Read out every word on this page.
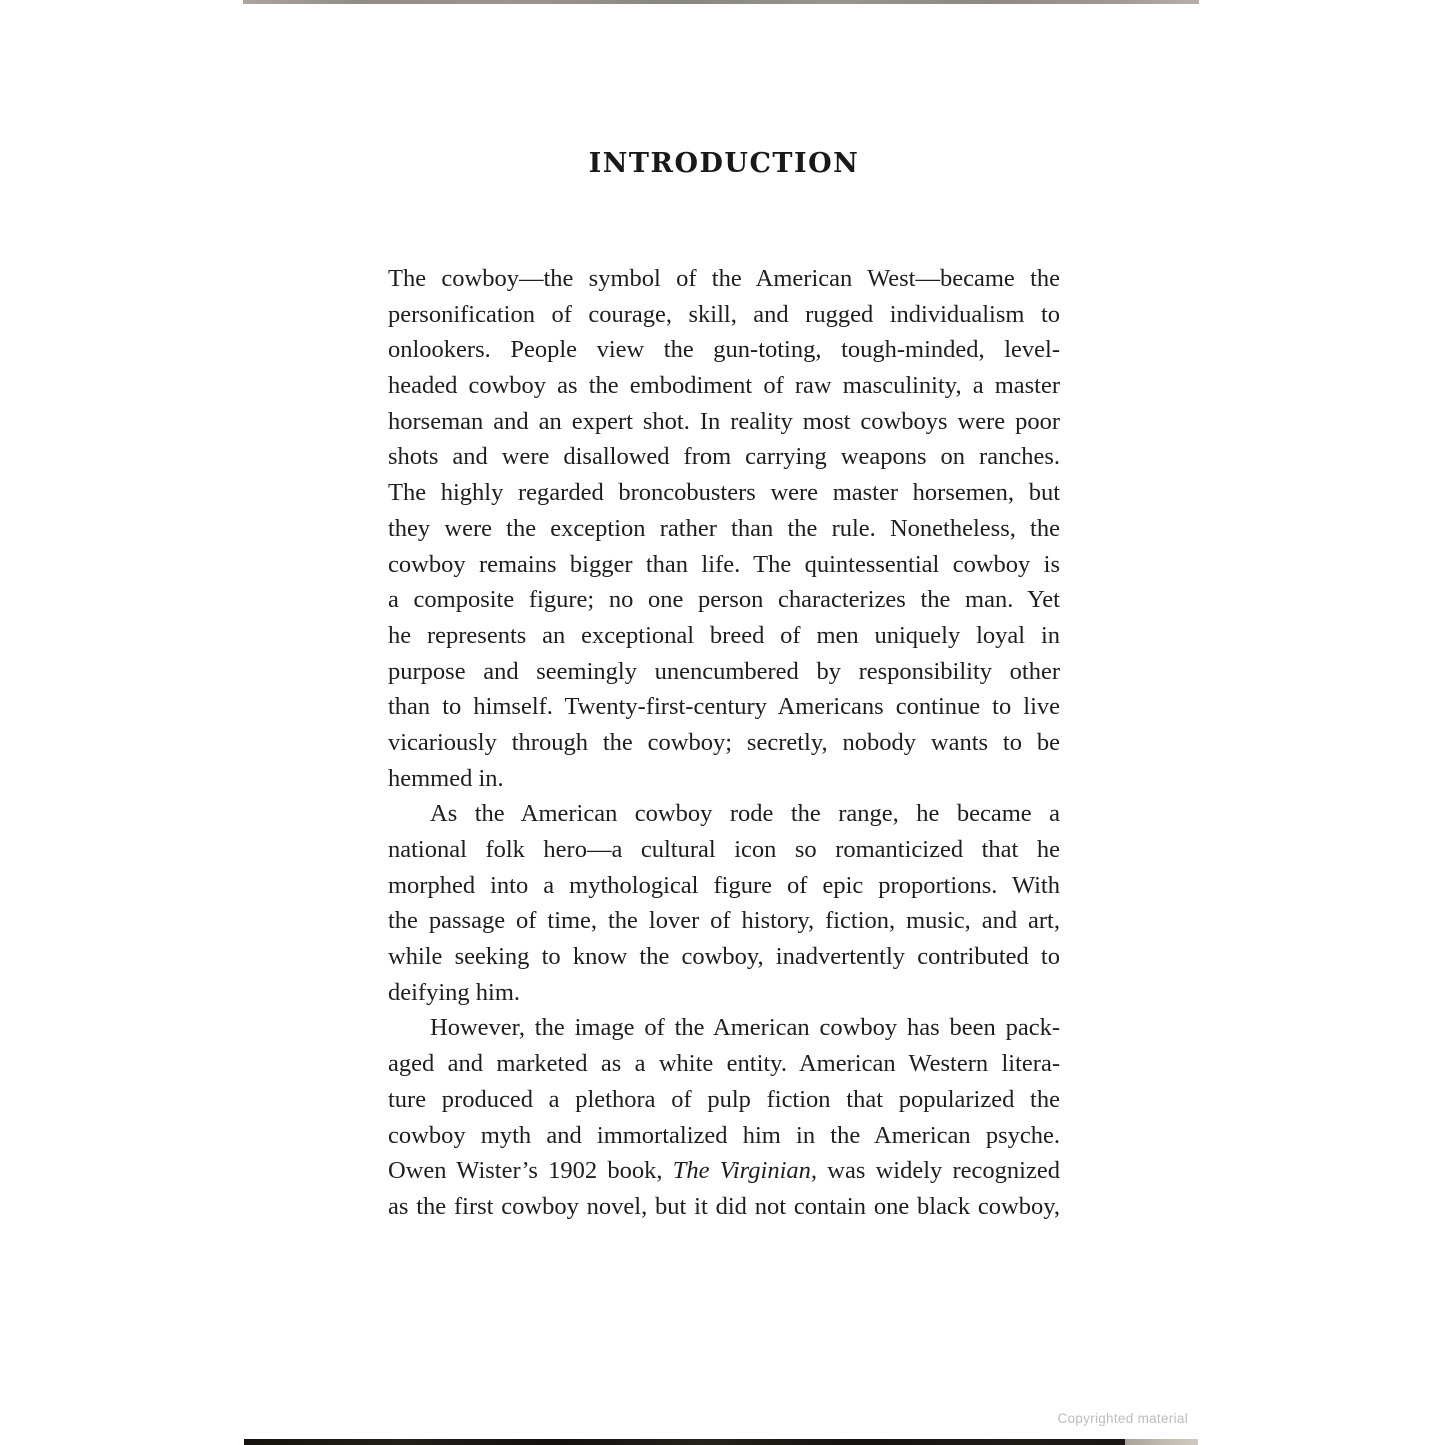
INTRODUCTION
The cowboy—the symbol of the American West—became the
personification of courage, skill, and rugged individualism to
onlookers. People view the gun-toting, tough-minded, level-
headed cowboy as the embodiment of raw masculinity, a master
horseman and an expert shot. In reality most cowboys were poor
shots and were disallowed from carrying weapons on ranches.
The highly regarded broncobusters were master horsemen, but
they were the exception rather than the rule. Nonetheless, the
cowboy remains bigger than life. The quintessential cowboy is
a composite figure; no one person characterizes the man. Yet
he represents an exceptional breed of men uniquely loyal in
purpose and seemingly unencumbered by responsibility other
than to himself. Twenty-first-century Americans continue to live
vicariously through the cowboy; secretly, nobody wants to be
hemmed in.
As the American cowboy rode the range, he became a
national folk hero—a cultural icon so romanticized that he
morphed into a mythological figure of epic proportions. With
the passage of time, the lover of history, fiction, music, and art,
while seeking to know the cowboy, inadvertently contributed to
deifying him.
However, the image of the American cowboy has been pack-
aged and marketed as a white entity. American Western litera-
ture produced a plethora of pulp fiction that popularized the
cowboy myth and immortalized him in the American psyche.
Owen Wister’s 1902 book, The Virginian, was widely recognized
as the first cowboy novel, but it did not contain one black cowboy,
Copyrighted material
